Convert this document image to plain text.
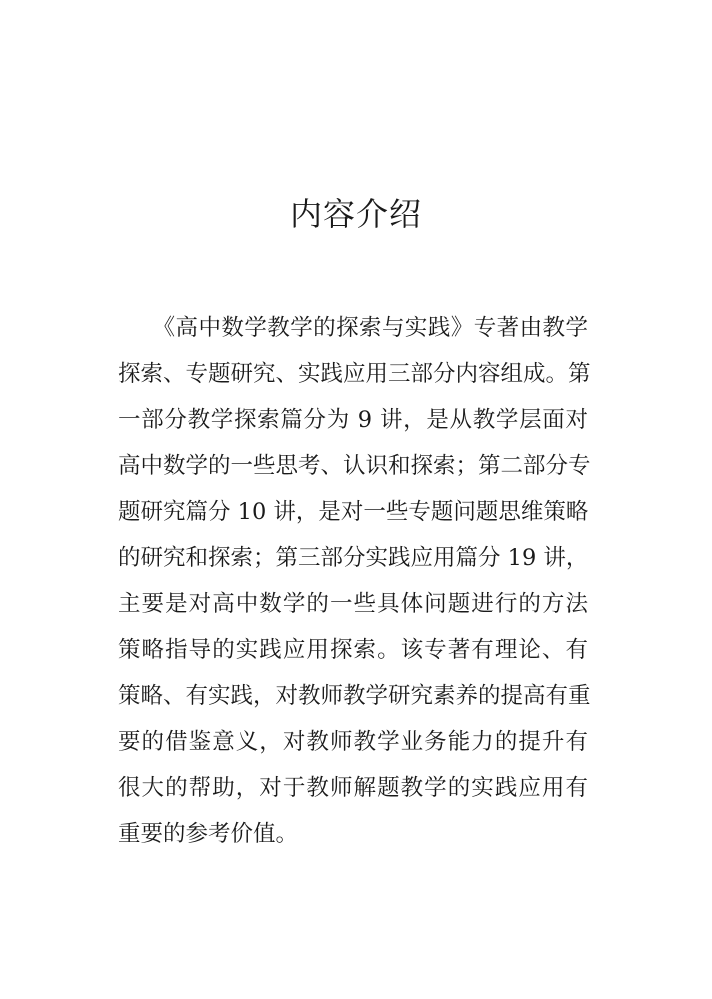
内容介绍
　　《高中数学教学的探索与实践》专著由教学
探索、专题研究、实践应用三部分内容组成。第
一部分教学探索篇分为 9 讲，是从教学层面对
高中数学的一些思考、认识和探索；第二部分专
题研究篇分 10 讲，是对一些专题问题思维策略
的研究和探索；第三部分实践应用篇分 19 讲，
主要是对高中数学的一些具体问题进行的方法
策略指导的实践应用探索。该专著有理论、有
策略、有实践，对教师教学研究素养的提高有重
要的借鉴意义，对教师教学业务能力的提升有
很大的帮助，对于教师解题教学的实践应用有
重要的参考价值。
